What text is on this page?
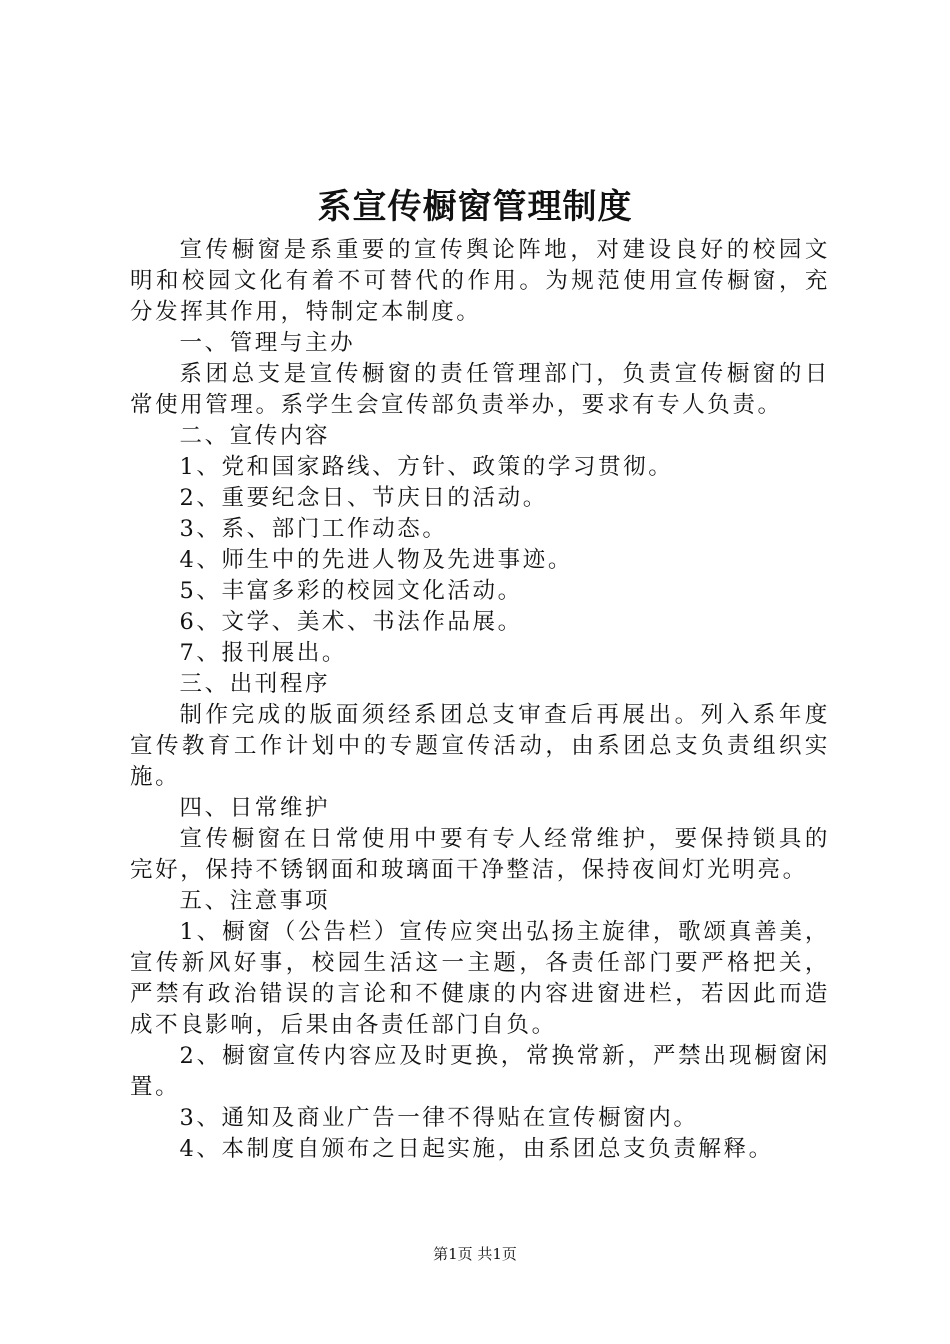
系宣传橱窗管理制度

宣传橱窗是系重要的宣传舆论阵地，对建设良好的校园文明和校园文化有着不可替代的作用。为规范使用宣传橱窗，充分发挥其作用，特制定本制度。

一、管理与主办

系团总支是宣传橱窗的责任管理部门，负责宣传橱窗的日常使用管理。系学生会宣传部负责举办，要求有专人负责。

二、宣传内容

1、党和国家路线、方针、政策的学习贯彻。

2、重要纪念日、节庆日的活动。

3、系、部门工作动态。

4、师生中的先进人物及先进事迹。

5、丰富多彩的校园文化活动。

6、文学、美术、书法作品展。

7、报刊展出。

三、出刊程序

制作完成的版面须经系团总支审查后再展出。列入系年度宣传教育工作计划中的专题宣传活动，由系团总支负责组织实施。

四、日常维护

宣传橱窗在日常使用中要有专人经常维护，要保持锁具的完好，保持不锈钢面和玻璃面干净整洁，保持夜间灯光明亮。

五、注意事项

1、橱窗（公告栏）宣传应突出弘扬主旋律，歌颂真善美，宣传新风好事，校园生活这一主题，各责任部门要严格把关，严禁有政治错误的言论和不健康的内容进窗进栏，若因此而造成不良影响，后果由各责任部门自负。

2、橱窗宣传内容应及时更换，常换常新，严禁出现橱窗闲置。

3、通知及商业广告一律不得贴在宣传橱窗内。

4、本制度自颁布之日起实施，由系团总支负责解释。

第1页 共1页
